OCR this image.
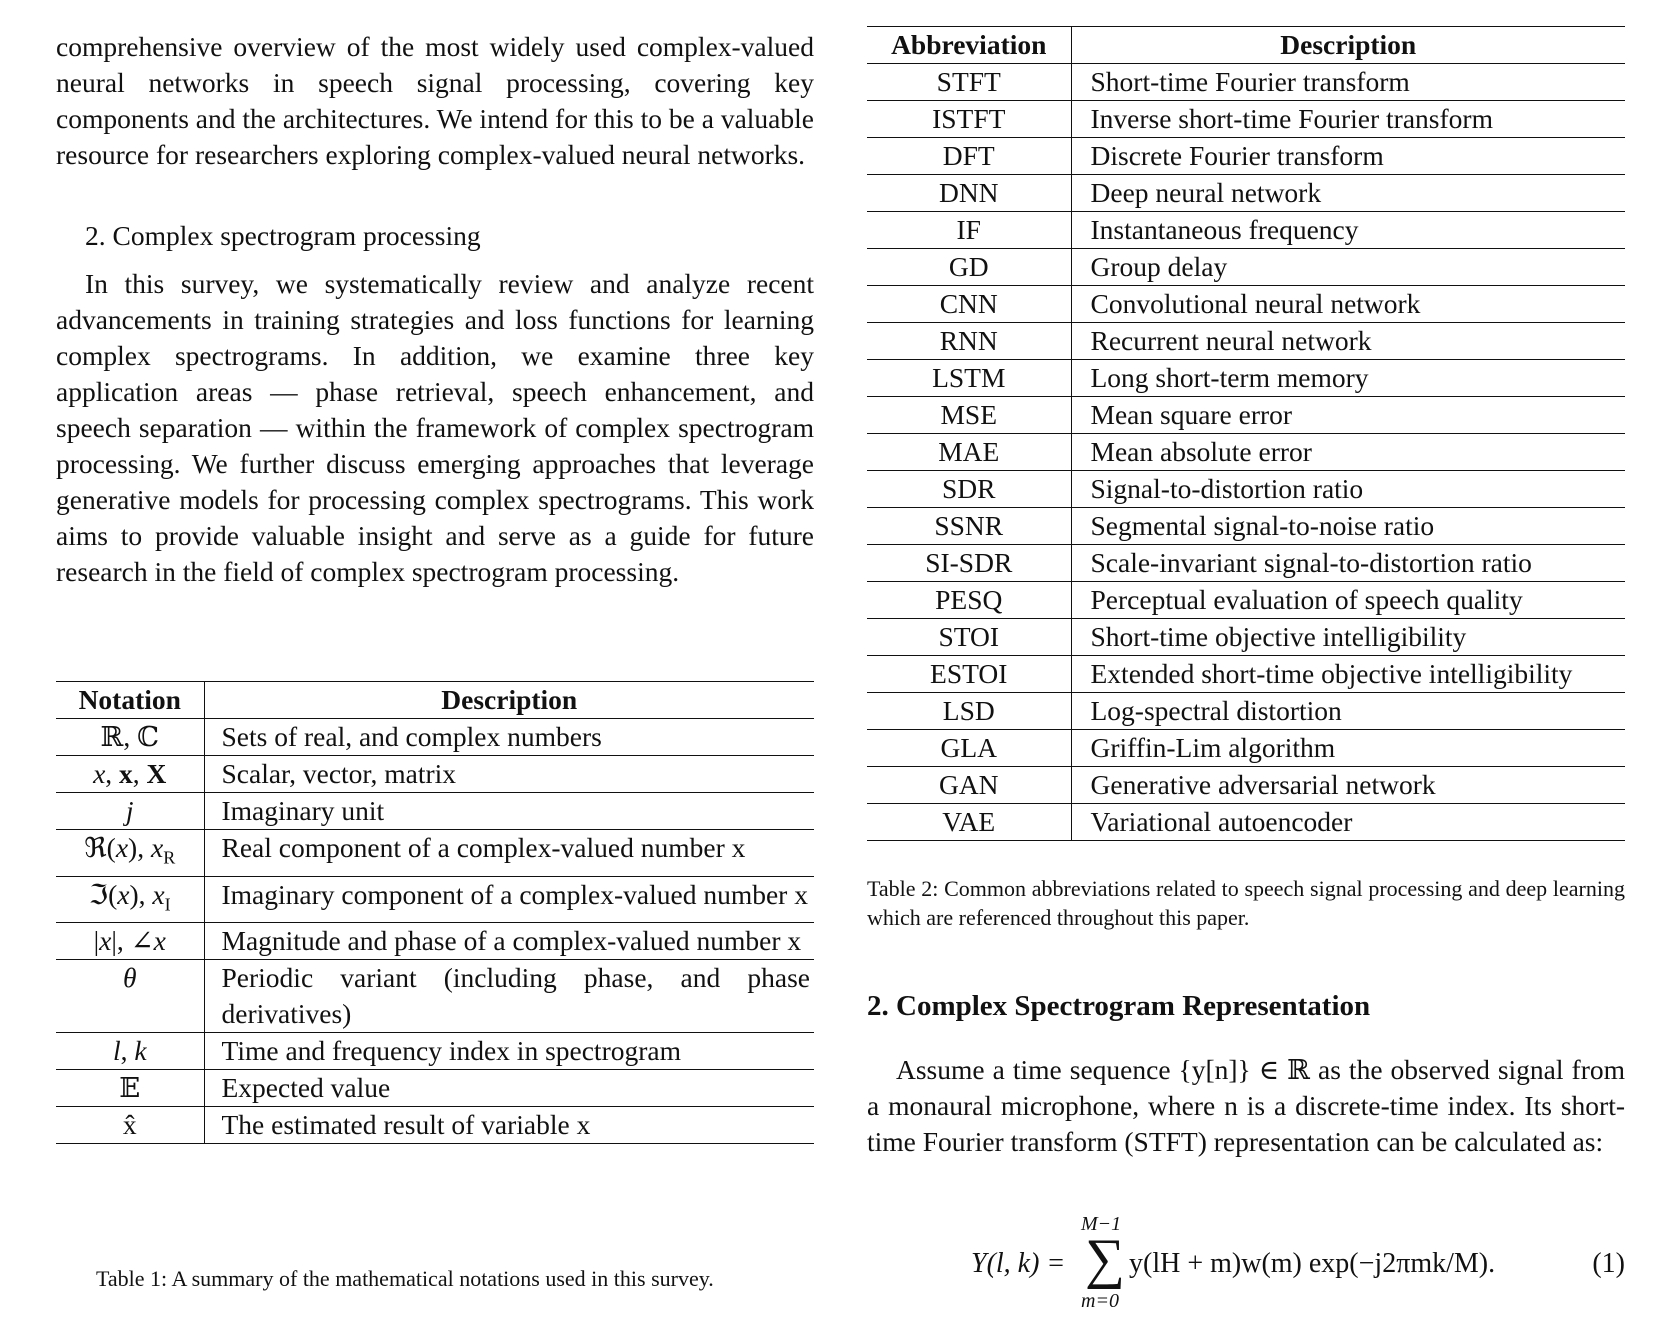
comprehensive overview of the most widely used complex-valued neural networks in speech signal processing, covering key components and the architectures. We intend for this to be a valuable resource for researchers exploring complex-valued neural networks.

2. Complex spectrogram processing

In this survey, we systematically review and analyze recent advancements in training strategies and loss functions for learning complex spectrograms. In addition, we examine three key application areas — phase retrieval, speech enhancement, and speech separation — within the framework of complex spectrogram processing. We further discuss emerging approaches that leverage generative models for processing complex spectrograms. This work aims to provide valuable insight and serve as a guide for future research in the field of complex spectrogram processing.

Notation	Description
ℝ, ℂ	Sets of real, and complex numbers
x, x, X	Scalar, vector, matrix
j	Imaginary unit
ℜ(x), $x_R$	Real component of a complex-valued number x
ℑ(x), $x_I$	Imaginary component of a complex-valued number x
|x|, ∠x	Magnitude and phase of a complex-valued number x
θ	Periodic variant (including phase, and phase derivatives)
l, k	Time and frequency index in spectrogram
𝔼	Expected value
x̂	The estimated result of variable x
Table 1: A summary of the mathematical notations used in this survey.
Abbreviation	Description
STFT	Short-time Fourier transform
ISTFT	Inverse short-time Fourier transform
DFT	Discrete Fourier transform
DNN	Deep neural network
IF	Instantaneous frequency
GD	Group delay
CNN	Convolutional neural network
RNN	Recurrent neural network
LSTM	Long short-term memory
MSE	Mean square error
MAE	Mean absolute error
SDR	Signal-to-distortion ratio
SSNR	Segmental signal-to-noise ratio
SI-SDR	Scale-invariant signal-to-distortion ratio
PESQ	Perceptual evaluation of speech quality
STOI	Short-time objective intelligibility
ESTOI	Extended short-time objective intelligibility
LSD	Log-spectral distortion
GLA	Griffin-Lim algorithm
GAN	Generative adversarial network
VAE	Variational autoencoder
Table 2: Common abbreviations related to speech signal processing and deep learning which are referenced throughout this paper.
2. Complex Spectrogram Representation

Assume a time sequence {y[n]} ∈ ℝ as the observed signal from a monaural microphone, where n is a discrete-time index. Its short-time Fourier transform (STFT) representation can be calculated as:

Y(l, k) =
M−1
∑
m=0
y(lH + m)w(m) exp(−j2πmk/M).	(1)
